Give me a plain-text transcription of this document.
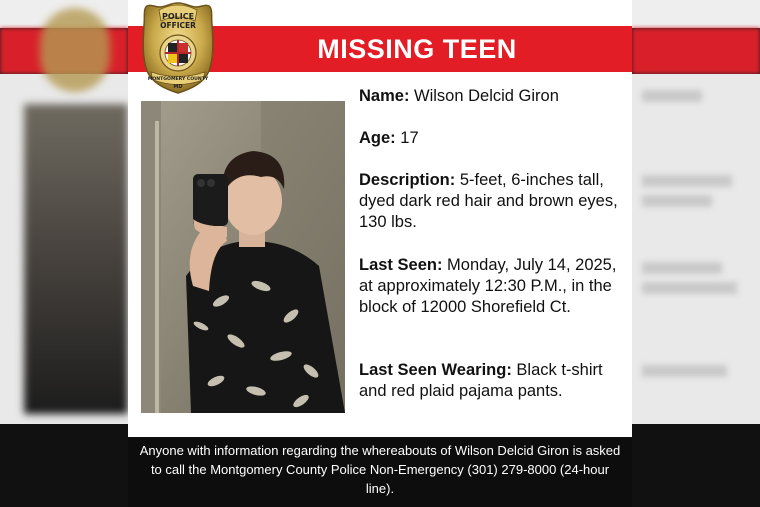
MISSING TEEN
POLICE
OFFICER
MONTGOMERY COUNTY
MD	Name: Wilson Delcid Giron
Age: 17
Description: 5-feet, 6-inches tall, dyed dark red hair and brown eyes, 130 lbs.
Last Seen: Monday, July 14, 2025, at approximately 12:30 P.M., in the block of 12000 Shorefield Ct.
Last Seen Wearing: Black t-shirt and red plaid pajama pants.
Anyone with information regarding the whereabouts of Wilson Delcid Giron is asked to call the Montgomery County Police Non-Emergency (301) 279-8000 (24-hour line).
